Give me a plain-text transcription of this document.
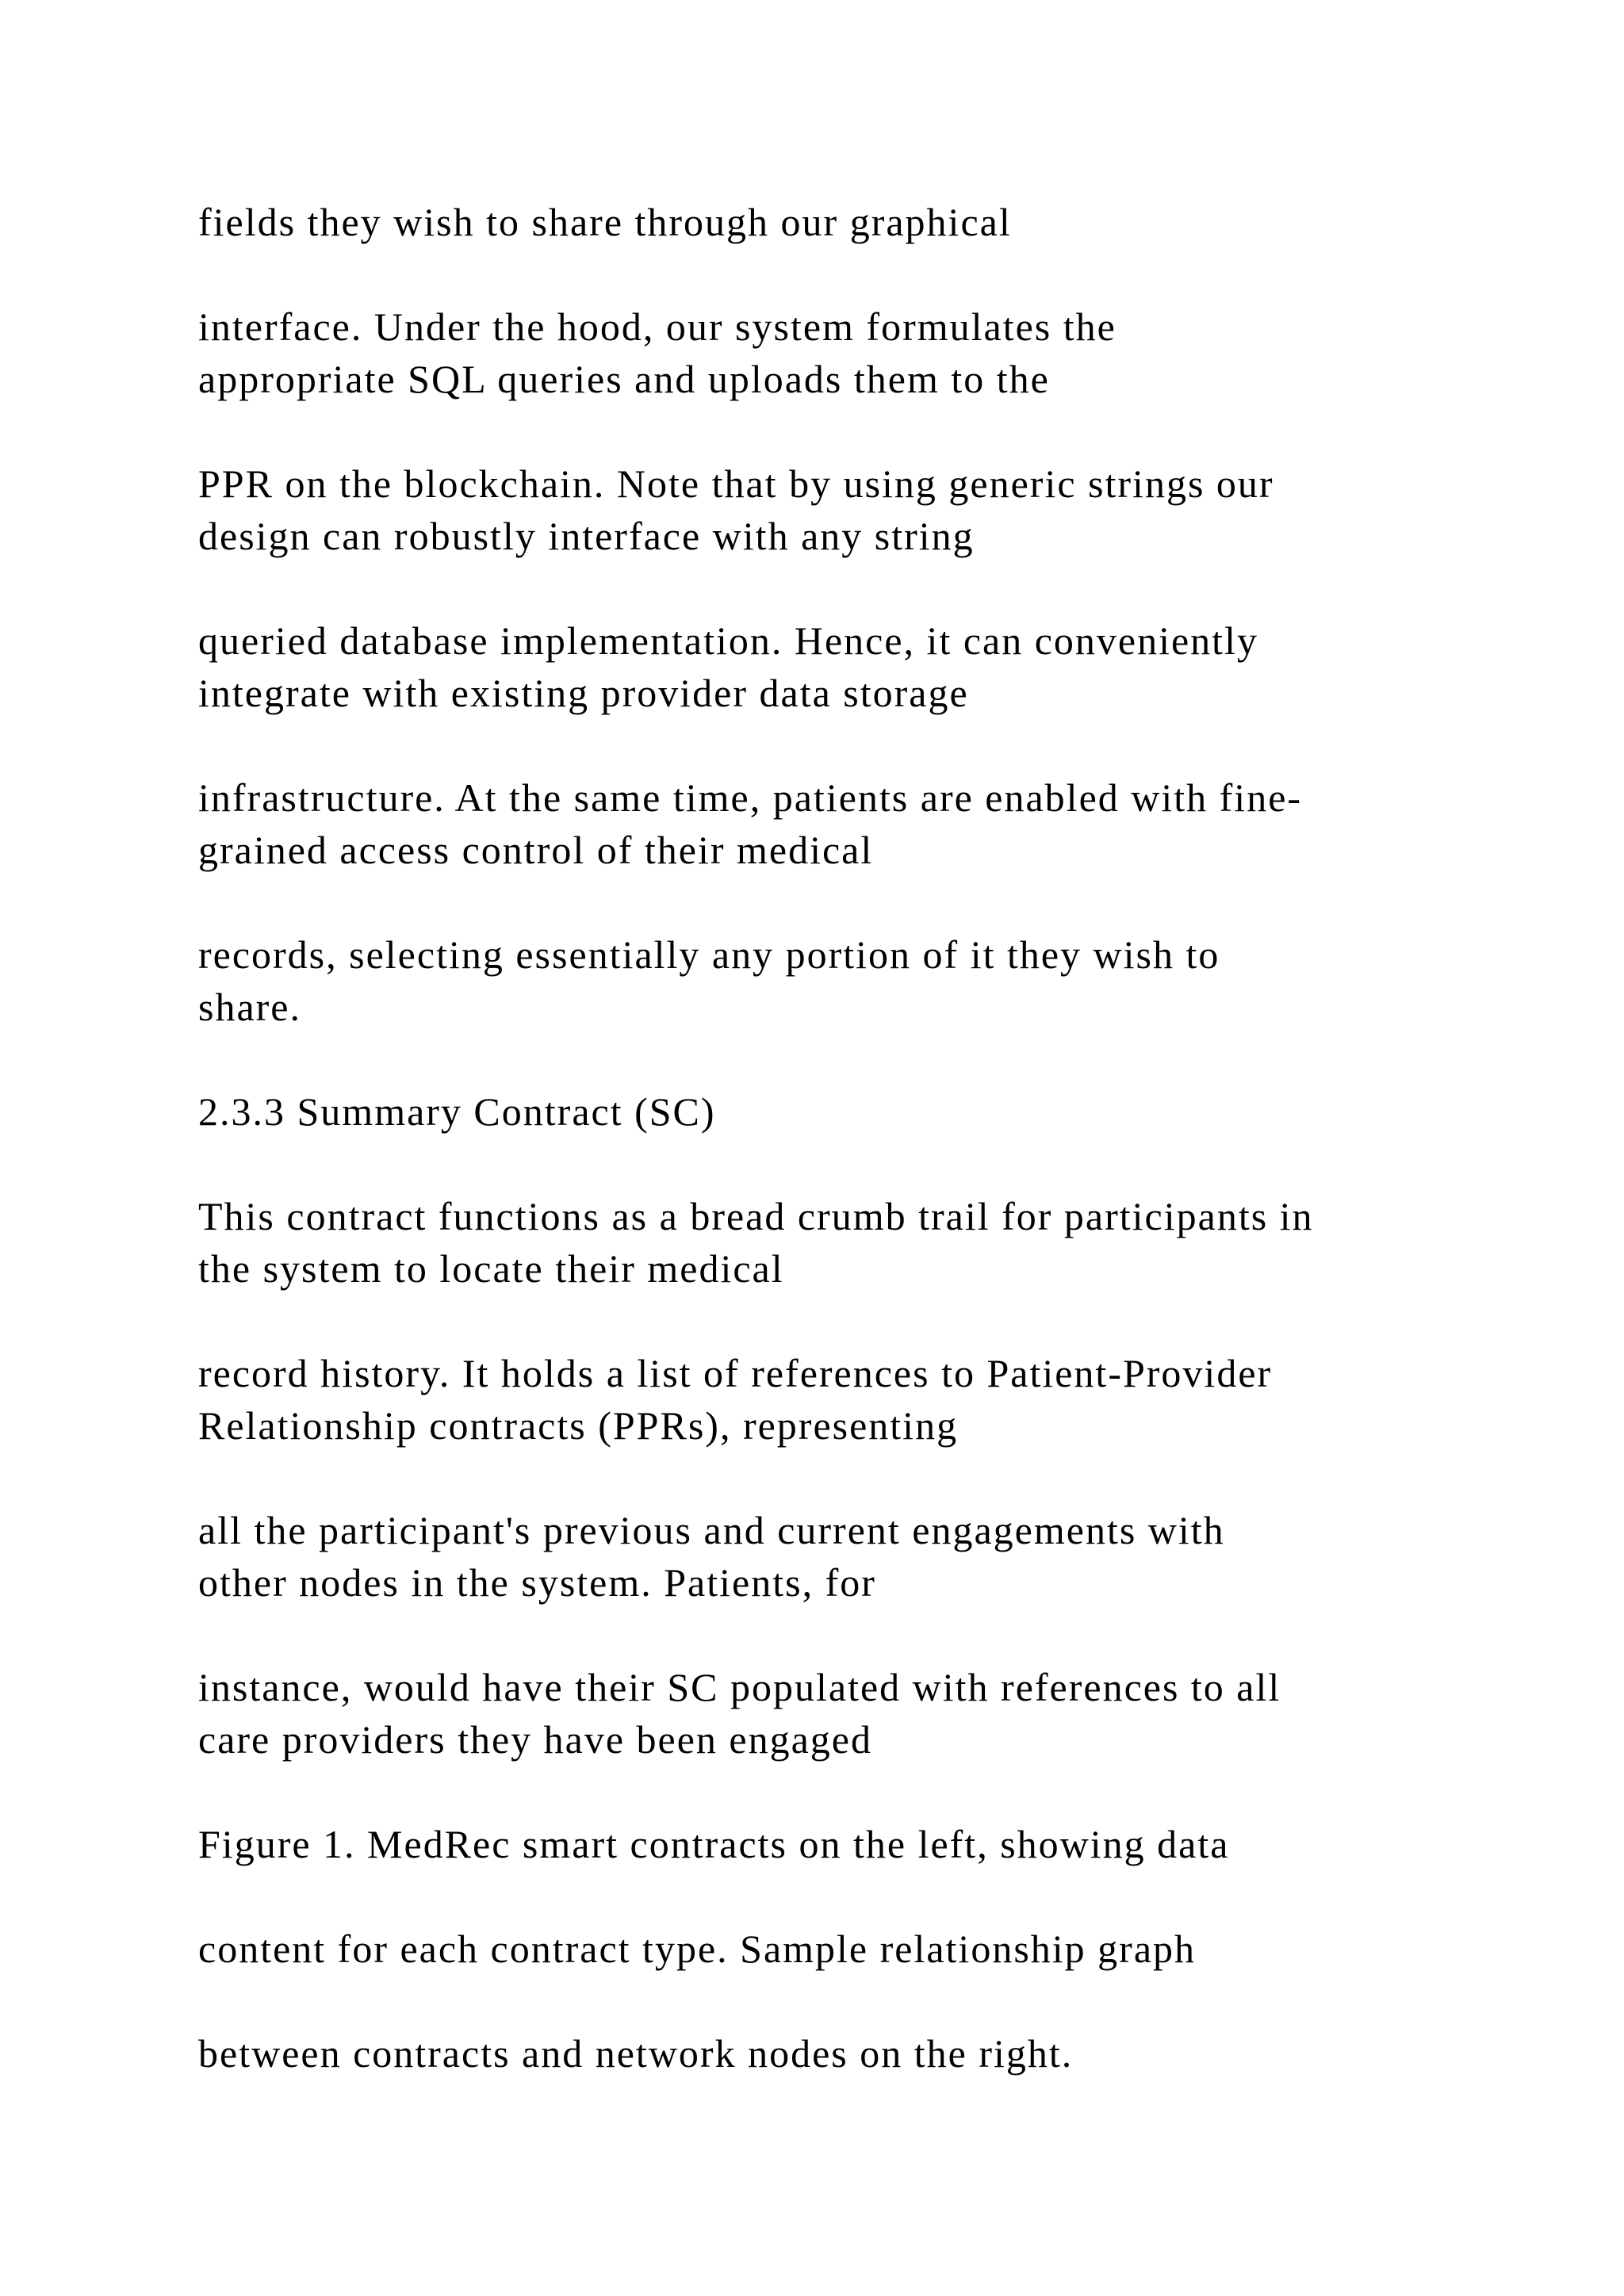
fields they wish to share through our graphical

interface. Under the hood, our system formulates the

appropriate SQL queries and uploads them to the

PPR on the blockchain. Note that by using generic strings our

design can robustly interface with any string

queried database implementation. Hence, it can conveniently

integrate with existing provider data storage

infrastructure. At the same time, patients are enabled with fine-

grained access control of their medical

records, selecting essentially any portion of it they wish to

share.

2.3.3 Summary Contract (SC)

This contract functions as a bread crumb trail for participants in

the system to locate their medical

record history. It holds a list of references to Patient-Provider

Relationship contracts (PPRs), representing

all the participant's previous and current engagements with

other nodes in the system. Patients, for

instance, would have their SC populated with references to all

care providers they have been engaged

Figure 1. MedRec smart contracts on the left, showing data

content for each contract type. Sample relationship graph

between contracts and network nodes on the right.
